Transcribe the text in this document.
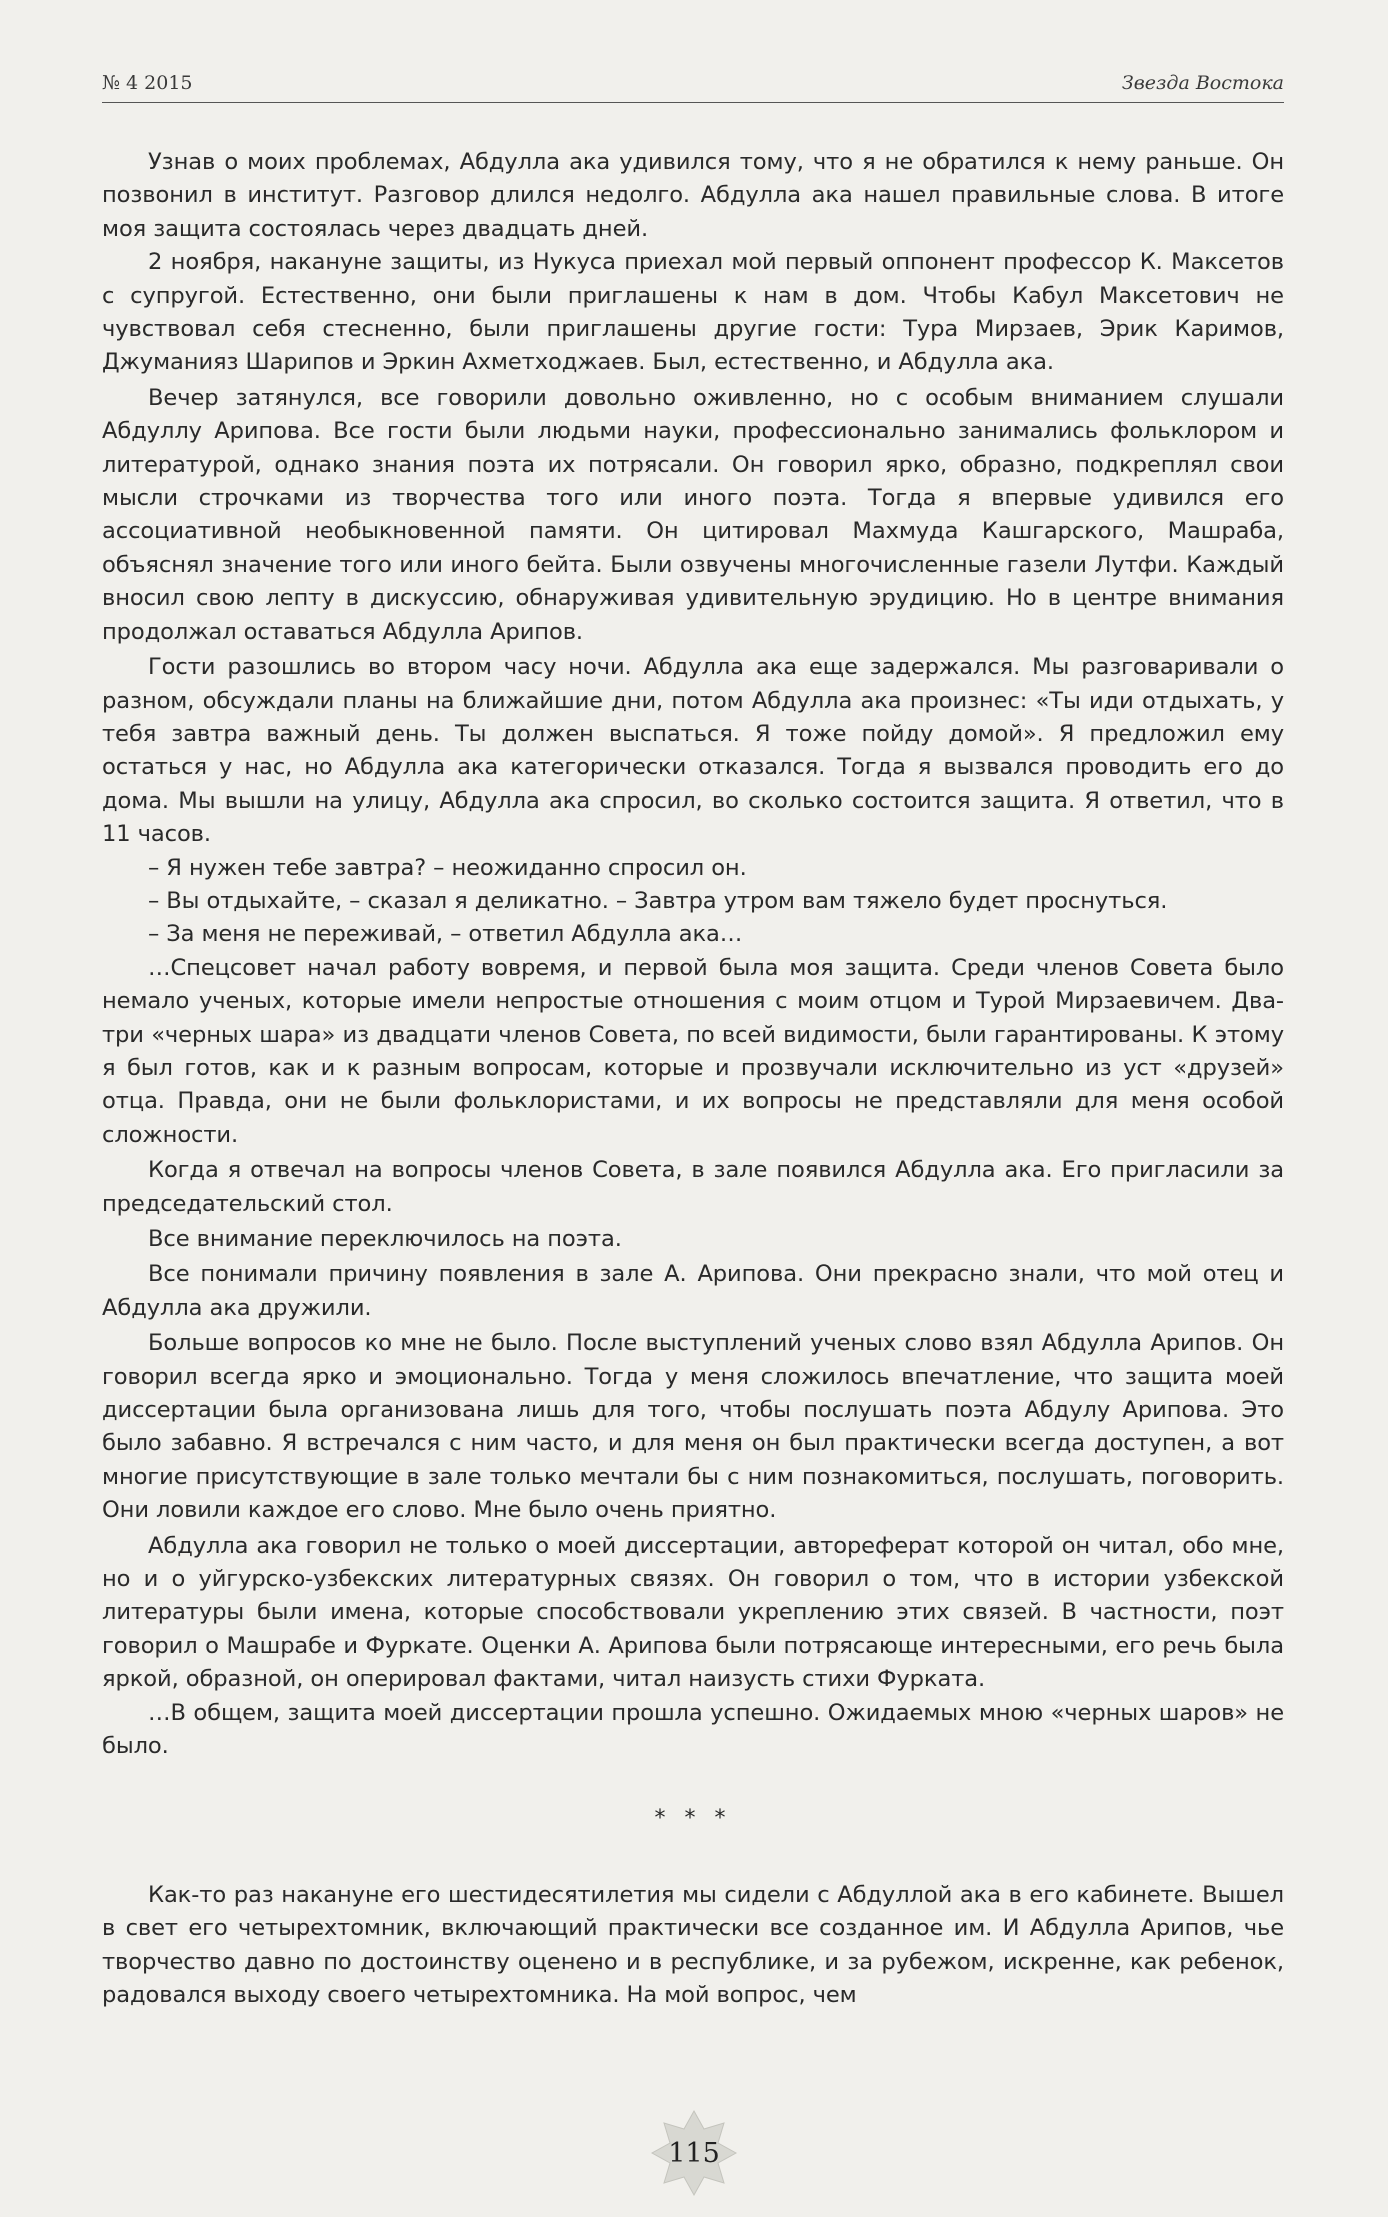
№ 4 2015	Звезда Востока

Узнав о моих проблемах, Абдулла ака удивился тому, что я не обратился к нему раньше. Он позвонил в институт. Разговор длился недолго. Абдулла ака нашел правильные слова. В итоге моя защита состоялась через двадцать дней.

2 ноября, накануне защиты, из Нукуса приехал мой первый оппонент профессор К. Максетов с супругой. Естественно, они были приглашены к нам в дом. Чтобы Кабул Максетович не чувствовал себя стесненно, были приглашены другие гости: Тура Мирзаев, Эрик Каримов, Джуманияз Шарипов и Эркин Ахметходжаев. Был, естественно, и Абдулла ака.

Вечер затянулся, все говорили довольно оживленно, но с особым вниманием слушали Абдуллу Арипова. Все гости были людьми науки, профессионально занимались фольклором и литературой, однако знания поэта их потрясали. Он говорил ярко, образно, подкреплял свои мысли строчками из творчества того или иного поэта. Тогда я впервые удивился его ассоциативной необыкновенной памяти. Он цитировал Махмуда Кашгарского, Машраба, объяснял значение того или иного бейта. Были озвучены многочисленные газели Лутфи. Каждый вносил свою лепту в дискуссию, обнаруживая удивительную эрудицию. Но в центре внимания продолжал оставаться Абдулла Арипов.

Гости разошлись во втором часу ночи. Абдулла ака еще задержался. Мы разговаривали о разном, обсуждали планы на ближайшие дни, потом Абдулла ака произнес: «Ты иди отдыхать, у тебя завтра важный день. Ты должен выспаться. Я тоже пойду домой». Я предложил ему остаться у нас, но Абдулла ака категорически отказался. Тогда я вызвался проводить его до дома. Мы вышли на улицу, Абдулла ака спросил, во сколько состоится защита. Я ответил, что в 11 часов.

– Я нужен тебе завтра? – неожиданно спросил он.

– Вы отдыхайте, – сказал я деликатно. – Завтра утром вам тяжело будет проснуться.

– За меня не переживай, – ответил Абдулла ака…

…Спецсовет начал работу вовремя, и первой была моя защита. Среди членов Совета было немало ученых, которые имели непростые отношения с моим отцом и Турой Мирзаевичем. Два-три «черных шара» из двадцати членов Совета, по всей видимости, были гарантированы. К этому я был готов, как и к разным вопросам, которые и прозвучали исключительно из уст «друзей» отца. Правда, они не были фольклористами, и их вопросы не представляли для меня особой сложности.

Когда я отвечал на вопросы членов Совета, в зале появился Абдулла ака. Его пригласили за председательский стол.

Все внимание переключилось на поэта.

Все понимали причину появления в зале А. Арипова. Они прекрасно знали, что мой отец и Абдулла ака дружили.

Больше вопросов ко мне не было. После выступлений ученых слово взял Абдулла Арипов. Он говорил всегда ярко и эмоционально. Тогда у меня сложилось впечатление, что защита моей диссертации была организована лишь для того, чтобы послушать поэта Абдулу Арипова. Это было забавно. Я встречался с ним часто, и для меня он был практически всегда доступен, а вот многие присутствующие в зале только мечтали бы с ним познакомиться, послушать, поговорить. Они ловили каждое его слово. Мне было очень приятно.

Абдулла ака говорил не только о моей диссертации, автореферат которой он читал, обо мне, но и о уйгурско-узбекских литературных связях. Он говорил о том, что в истории узбекской литературы были имена, которые способствовали укреплению этих связей. В частности, поэт говорил о Машрабе и Фуркате. Оценки А. Арипова были потрясающе интересными, его речь была яркой, образной, он оперировал фактами, читал наизусть стихи Фурката.

…В общем, защита моей диссертации прошла успешно. Ожидаемых мною «черных шаров» не было.

* * *

Как-то раз накануне его шестидесятилетия мы сидели с Абдуллой ака в его кабинете. Вышел в свет его четырехтомник, включающий практически все созданное им. И Абдулла Арипов, чье творчество давно по достоинству оценено и в республике, и за рубежом, искренне, как ребенок, радовался выходу своего четырехтомника. На мой вопрос, чем

115
